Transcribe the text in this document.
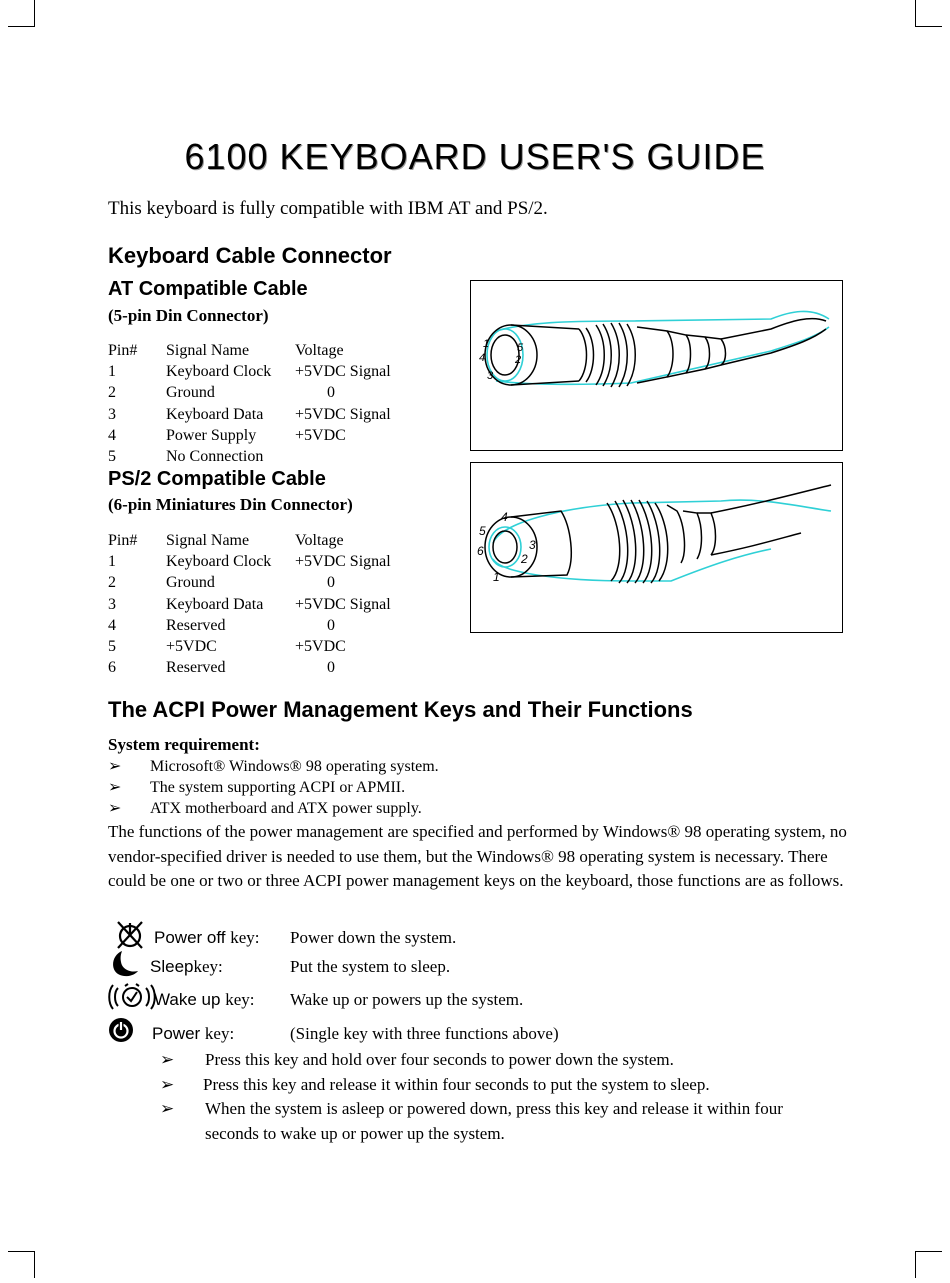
6100 KEYBOARD USER'S GUIDE
This keyboard is fully compatible with IBM AT and PS/2.
Keyboard Cable Connector
AT Compatible Cable
(5-pin Din Connector)
Pin#	Signal Name	Voltage
1	Keyboard Clock	+5VDC Signal
2	Ground	0
3	Keyboard Data	+5VDC Signal
4	Power Supply	+5VDC
5	No Connection	
PS/2 Compatible Cable
(6-pin Miniatures Din Connector)
Pin#	Signal Name	Voltage
1	Keyboard Clock	+5VDC Signal
2	Ground	0
3	Keyboard Data	+5VDC Signal
4	Reserved	0
5	+5VDC	+5VDC
6	Reserved	0
1
2
3
4
5
1
2
3
4
5
6
The ACPI Power Management Keys and Their Functions
System requirement:
➢	Microsoft® Windows® 98 operating system.
➢	The system supporting ACPI or APMII.
➢	ATX motherboard and ATX power supply.
The functions of the power management are specified and performed by Windows® 98 operating system, no vendor-specified driver is needed to use them, but the Windows® 98 operating system is necessary. There could be one or two or three ACPI power management keys on the keyboard, those functions are as follows.
Power off key: Power down the system.
Sleepkey:	Put the system to sleep.
Wake up key: Wake up or powers up the system.
Power key:	(Single key with three functions above)
➢ Press this key and hold over four seconds to power down the system.
➢ Press this key and release it within four seconds to put the system to sleep.
➢ When the system is asleep or powered down, press this key and release it within four
seconds to wake up or power up the system.
